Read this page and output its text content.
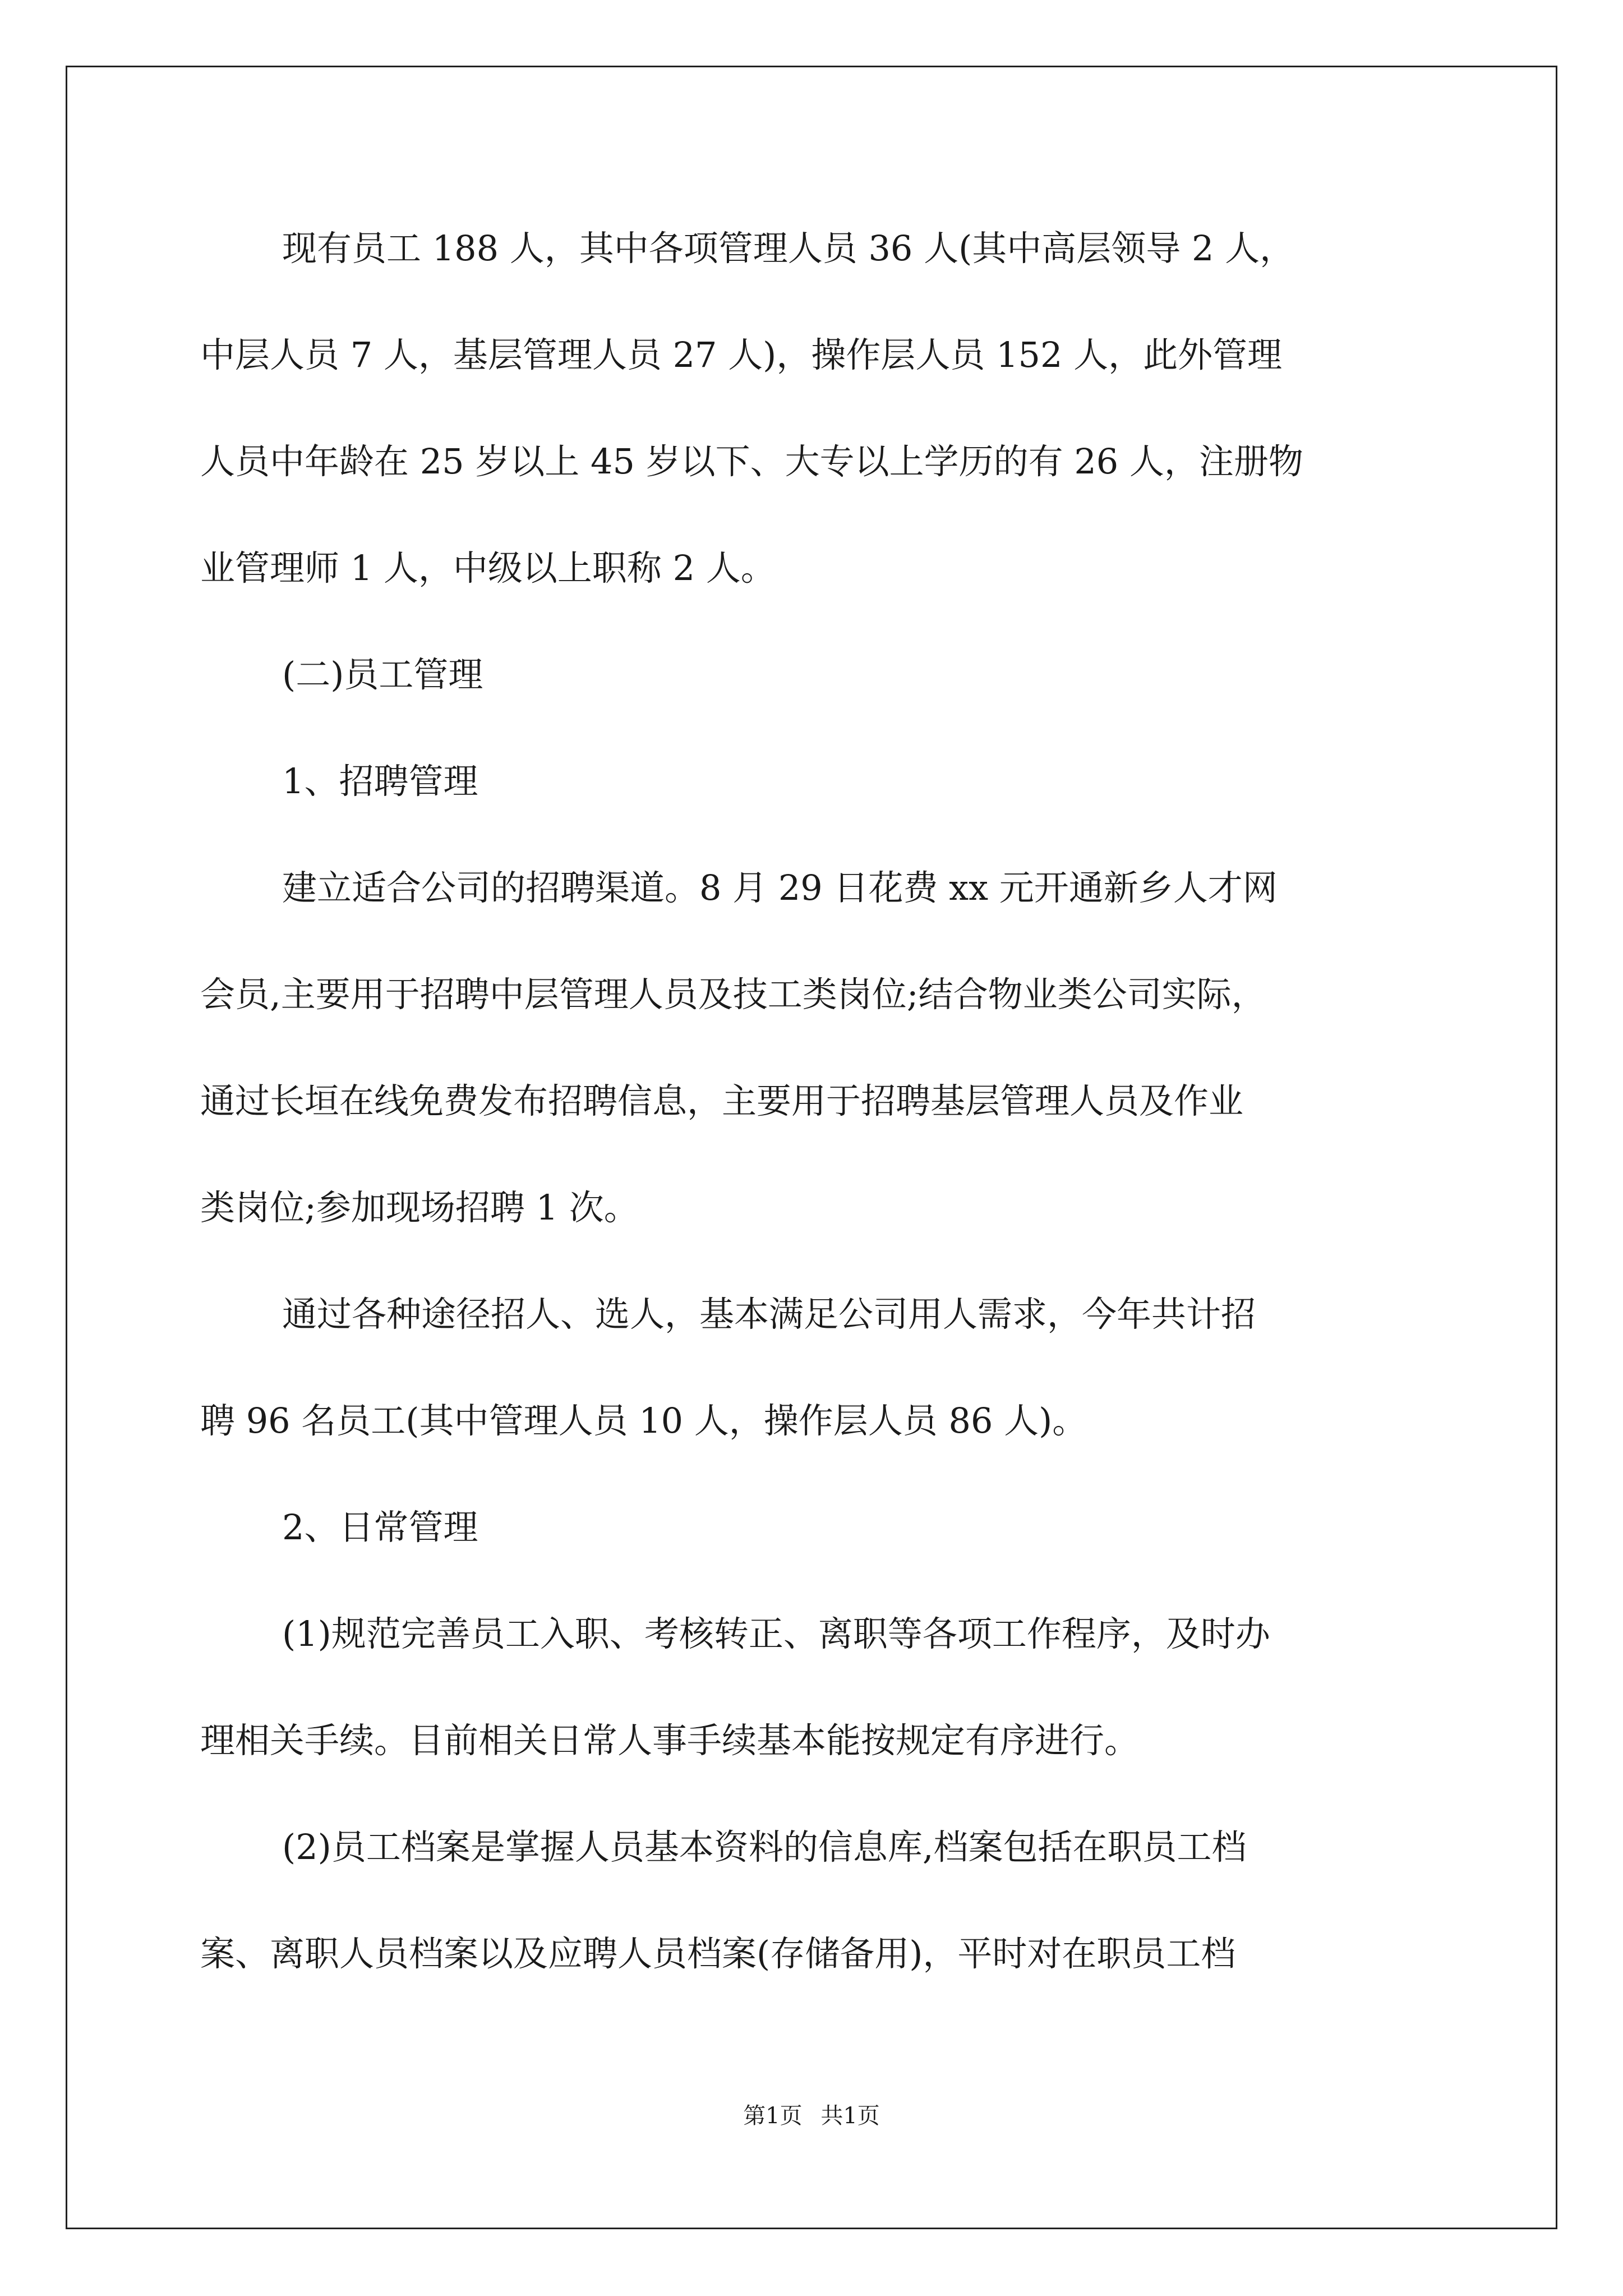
现有员工 188 人，其中各项管理人员 36 人(其中高层领导 2 人，
中层人员 7 人，基层管理人员 27 人)，操作层人员 152 人，此外管理
人员中年龄在 25 岁以上 45 岁以下、大专以上学历的有 26 人，注册物
业管理师 1 人，中级以上职称 2 人。
(二)员工管理
1、招聘管理
建立适合公司的招聘渠道。8 月 29 日花费 xx 元开通新乡人才网
会员,主要用于招聘中层管理人员及技工类岗位;结合物业类公司实际，
通过长垣在线免费发布招聘信息，主要用于招聘基层管理人员及作业
类岗位;参加现场招聘 1 次。
通过各种途径招人、选人，基本满足公司用人需求，今年共计招
聘 96 名员工(其中管理人员 10 人，操作层人员 86 人)。
2、日常管理
(1)规范完善员工入职、考核转正、离职等各项工作程序，及时办
理相关手续。目前相关日常人事手续基本能按规定有序进行。
(2)员工档案是掌握人员基本资料的信息库,档案包括在职员工档
案、离职人员档案以及应聘人员档案(存储备用)，平时对在职员工档
第1页 共1页
